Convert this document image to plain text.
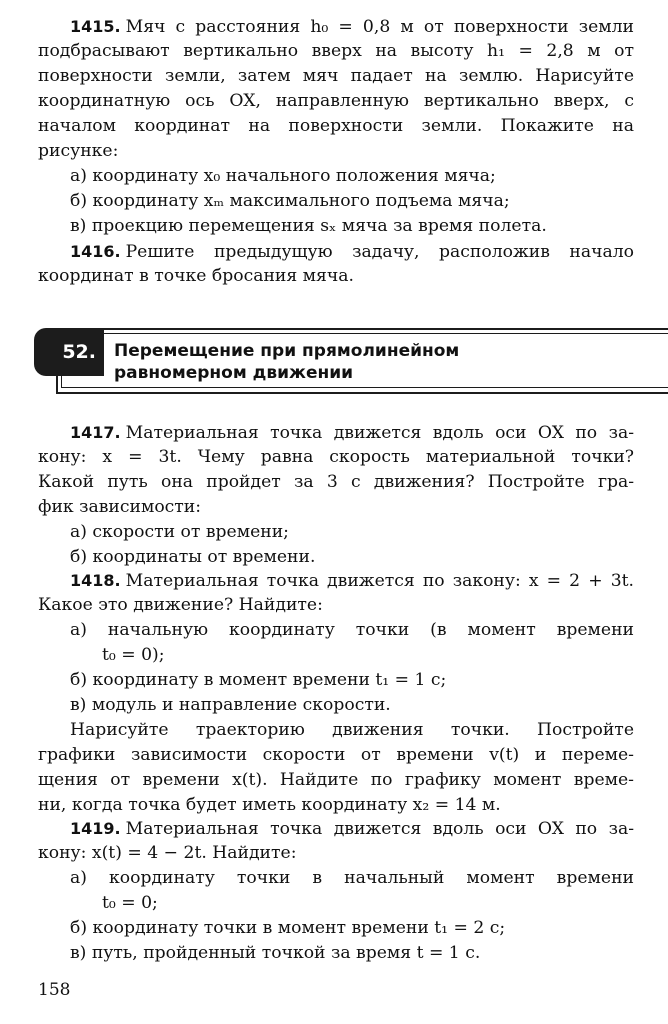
1415. Мяч с расстояния h₀ = 0,8 м от поверхности земли
подбрасывают вертикально вверх на высоту h₁ = 2,8 м от
поверхности земли, затем мяч падает на землю. Нарисуйте
координатную ось OX, направленную вертикально вверх, с
началом координат на поверхности земли. Покажите на
рисунке:
а) координату x₀ начального положения мяча;
б) координату xₘ максимального подъема мяча;
в) проекцию перемещения sₓ мяча за время полета.
1416. Решите предыдущую задачу, расположив начало
координат в точке бросания мяча.
52.	Перемещение при прямолинейном
равномерном движении
1417. Материальная точка движется вдоль оси OX по за-
кону: x = 3t. Чему равна скорость материальной точки?
Какой путь она пройдет за 3 с движения? Постройте гра-
фик зависимости:
а) скорости от времени;
б) координаты от времени.
1418. Материальная точка движется по закону: x = 2 + 3t.
Какое это движение? Найдите:
а) начальную координату точки (в момент времени
t₀ = 0);
б) координату в момент времени t₁ = 1 с;
в) модуль и направление скорости.
Нарисуйте траекторию движения точки. Постройте
графики зависимости скорости от времени v(t) и переме-
щения от времени x(t). Найдите по графику момент време-
ни, когда точка будет иметь координату x₂ = 14 м.
1419. Материальная точка движется вдоль оси OX по за-
кону: x(t) = 4 − 2t. Найдите:
а) координату точки в начальный момент времени
t₀ = 0;
б) координату точки в момент времени t₁ = 2 с;
в) путь, пройденный точкой за время t = 1 с.
158
